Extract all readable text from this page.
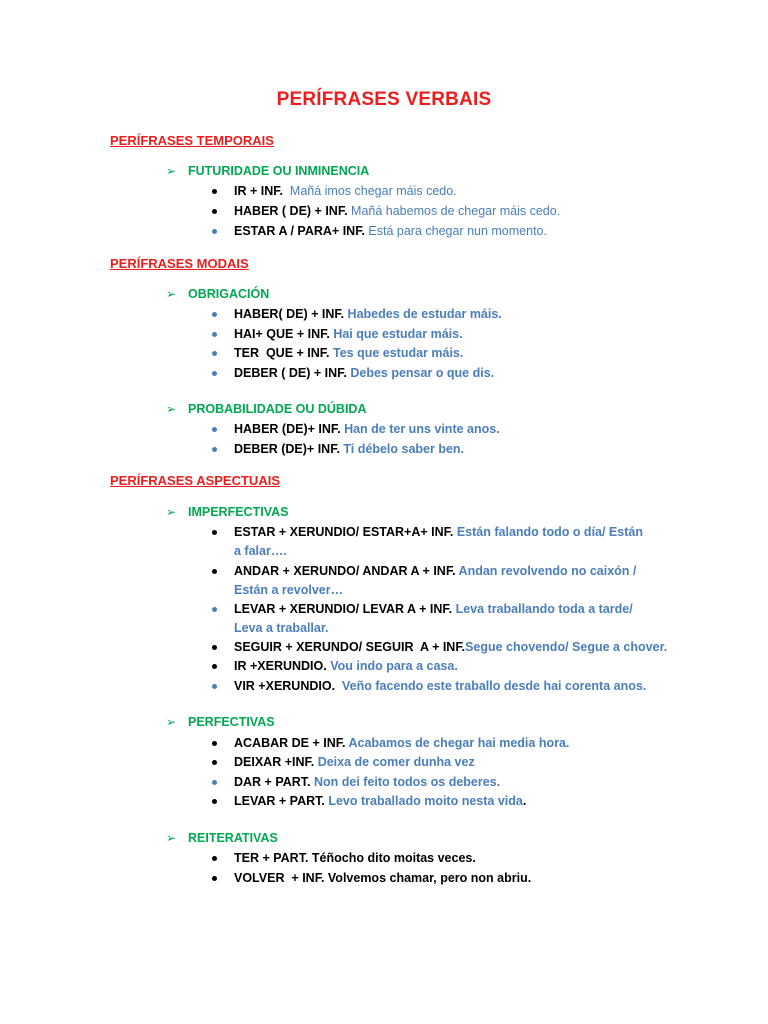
PERÍFRASES VERBAIS
PERÍFRASES TEMPORAIS
➢ FUTURIDADE OU INMINENCIA
IR + INF.  Mañá imos chegar máis cedo.
HABER ( DE) + INF. Mañá habemos de chegar máis cedo.
ESTAR A / PARA+ INF. Está para chegar nun momento.
PERÍFRASES MODAIS
➢ OBRIGACIÓN
HABER( DE) + INF. Habedes de estudar máis.
HAI+ QUE + INF. Hai que estudar máis.
TER  QUE + INF. Tes que estudar máis.
DEBER ( DE) + INF. Debes pensar o que dis.
➢ PROBABILIDADE OU DÚBIDA
HABER (DE)+ INF. Han de ter uns vinte anos.
DEBER (DE)+ INF. Ti débelo saber ben.
PERÍFRASES ASPECTUAIS
➢ IMPERFECTIVAS
ESTAR + XERUNDIO/ ESTAR+A+ INF. Están falando todo o día/ Están a falar….
ANDAR + XERUNDO/ ANDAR A + INF. Andan revolvendo no caixón / Están a revolver…
LEVAR + XERUNDIO/ LEVAR A + INF. Leva traballando toda a tarde/ Leva a traballar.
SEGUIR + XERUNDO/ SEGUIR  A + INF.Segue chovendo/ Segue a chover.
IR +XERUNDIO. Vou indo para a casa.
VIR +XERUNDIO.  Veño facendo este traballo desde hai corenta anos.
➢ PERFECTIVAS
ACABAR DE + INF. Acabamos de chegar hai media hora.
DEIXAR +INF. Deixa de comer dunha vez
DAR + PART. Non dei feito todos os deberes.
LEVAR + PART. Levo traballado moito nesta vida.
➢ REITERATIVAS
TER + PART. Téñocho dito moitas veces.
VOLVER  + INF. Volvemos chamar, pero non abriu.
